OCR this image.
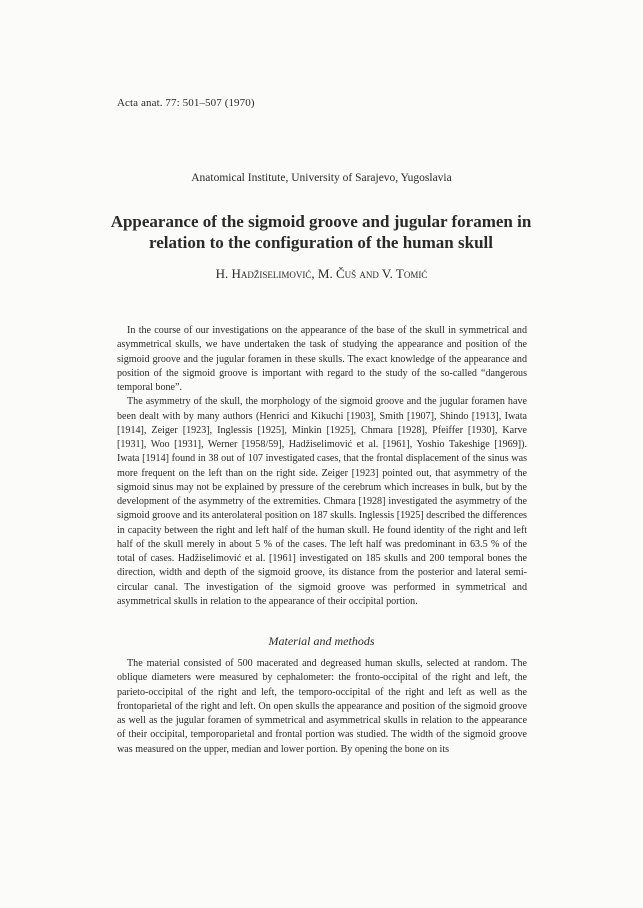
Acta anat. 77: 501–507 (1970)
Anatomical Institute, University of Sarajevo, Yugoslavia
Appearance of the sigmoid groove and jugular foramen in relation to the configuration of the human skull
H. Hadžiselimović, M. Čuš and V. Tomić

In the course of our investigations on the appearance of the base of the skull in symmetrical and asymmetrical skulls, we have undertaken the task of studying the appearance and position of the sigmoid groove and the jugular foramen in these skulls. The exact knowledge of the appearance and position of the sigmoid groove is important with regard to the study of the so-called “dangerous temporal bone”.

The asymmetry of the skull, the morphology of the sigmoid groove and the jugular foramen have been dealt with by many authors (Henrici and Kikuchi [1903], Smith [1907], Shindo [1913], Iwata [1914], Zeiger [1923], Inglessis [1925], Minkin [1925], Chmara [1928], Pfeiffer [1930], Karve [1931], Woo [1931], Werner [1958/59], Hadžiselimović et al. [1961], Yoshio Takeshige [1969]). Iwata [1914] found in 38 out of 107 investigated cases, that the frontal displacement of the sinus was more frequent on the left than on the right side. Zeiger [1923] pointed out, that asymmetry of the sigmoid sinus may not be explained by pressure of the cerebrum which increases in bulk, but by the development of the asymmetry of the extremities. Chmara [1928] investigated the asymmetry of the sigmoid groove and its anterolateral position on 187 skulls. Inglessis [1925] described the differences in capacity between the right and left half of the human skull. He found identity of the right and left half of the skull merely in about 5 % of the cases. The left half was predominant in 63.5 % of the total of cases. Hadžiselimović et al. [1961] investigated on 185 skulls and 200 temporal bones the direction, width and depth of the sigmoid groove, its distance from the posterior and lateral semi-circular canal. The investigation of the sigmoid groove was performed in symmetrical and asymmetrical skulls in relation to the appearance of their occipital portion.

Material and methods

The material consisted of 500 macerated and degreased human skulls, selected at random. The oblique diameters were measured by cephalometer: the fronto-occipital of the right and left, the parieto-occipital of the right and left, the temporo-occipital of the right and left as well as the frontoparietal of the right and left. On open skulls the appearance and position of the sigmoid groove as well as the jugular foramen of symmetrical and asymmetrical skulls in relation to the appearance of their occipital, temporoparietal and frontal portion was studied. The width of the sigmoid groove was measured on the upper, median and lower portion. By opening the bone on its
